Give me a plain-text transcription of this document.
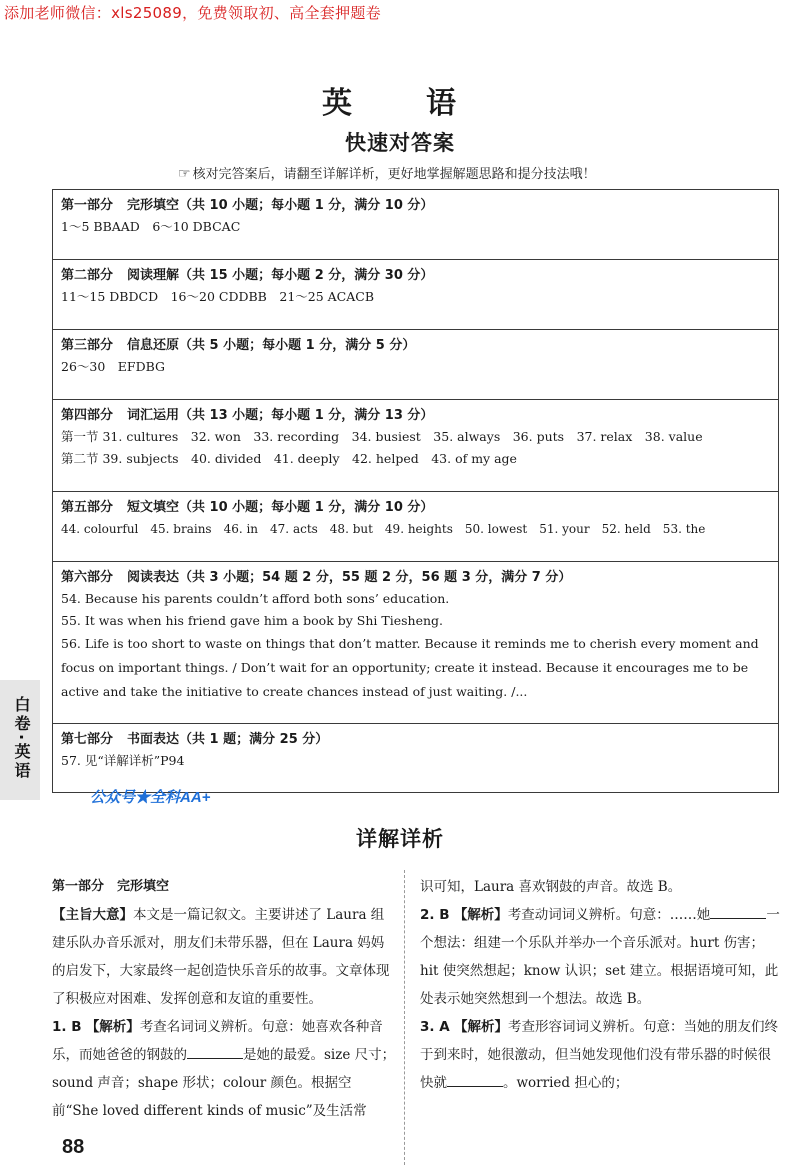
添加老师微信：xls25089，免费领取初、高全套押题卷
英　语
快速对答案
☞ 核对完答案后，请翻至详解详析，更好地掌握解题思路和提分技法哦！
第一部分 完形填空（共 10 小题；每小题 1 分，满分 10 分）
1～5 BBAAD　6～10 DBCAC
第二部分 阅读理解（共 15 小题；每小题 2 分，满分 30 分）
11～15 DBDCD　16～20 CDDBB　21～25 ACACB
第三部分 信息还原（共 5 小题；每小题 1 分，满分 5 分）
26～30　EFDBG
第四部分 词汇运用（共 13 小题；每小题 1 分，满分 13 分）
第一节 31. cultures　32. won　33. recording　34. busiest　35. always　36. puts　37. relax　38. value
第二节 39. subjects　40. divided　41. deeply　42. helped　43. of my age
第五部分 短文填空（共 10 小题；每小题 1 分，满分 10 分）
44. colourful　45. brains　46. in　47. acts　48. but　49. heights　50. lowest　51. your　52. held　53. the
第六部分 阅读表达（共 3 小题；54 题 2 分，55 题 2 分，56 题 3 分，满分 7 分）
54. Because his parents couldn’t afford both sons’ education.
55. It was when his friend gave him a book by Shi Tiesheng.
56. Life is too short to waste on things that don’t matter. Because it reminds me to cherish every moment and focus on important things. / Don’t wait for an opportunity; create it instead. Because it encourages me to be active and take the initiative to create chances instead of just waiting. /...
第七部分 书面表达（共 1 题；满分 25 分）
57. 见“详解详析”P94
公众号★全科AA+
白卷·英语
详解详析

第一部分　完形填空

【主旨大意】本文是一篇记叙文。主要讲述了 Laura 组建乐队办音乐派对，朋友们未带乐器，但在 Laura 妈妈的启发下，大家最终一起创造快乐音乐的故事。文章体现了积极应对困难、发挥创意和友谊的重要性。

1. B 【解析】考查名词词义辨析。句意：她喜欢各种音乐，而她爸爸的钢鼓的	是她的最爱。size 尺寸；sound 声音；shape 形状；colour 颜色。根据空前“She loved different kinds of music”及生活常

识可知，Laura 喜欢钢鼓的声音。故选 B。

2. B 【解析】考查动词词义辨析。句意：……她	一个想法：组建一个乐队并举办一个音乐派对。hurt 伤害；hit 使突然想起；know 认识；set 建立。根据语境可知，此处表示她突然想到一个想法。故选 B。

3. A 【解析】考查形容词词义辨析。句意：当她的朋友们终于到来时，她很激动，但当她发现他们没有带乐器的时候很快就	。worried 担心的；

88
